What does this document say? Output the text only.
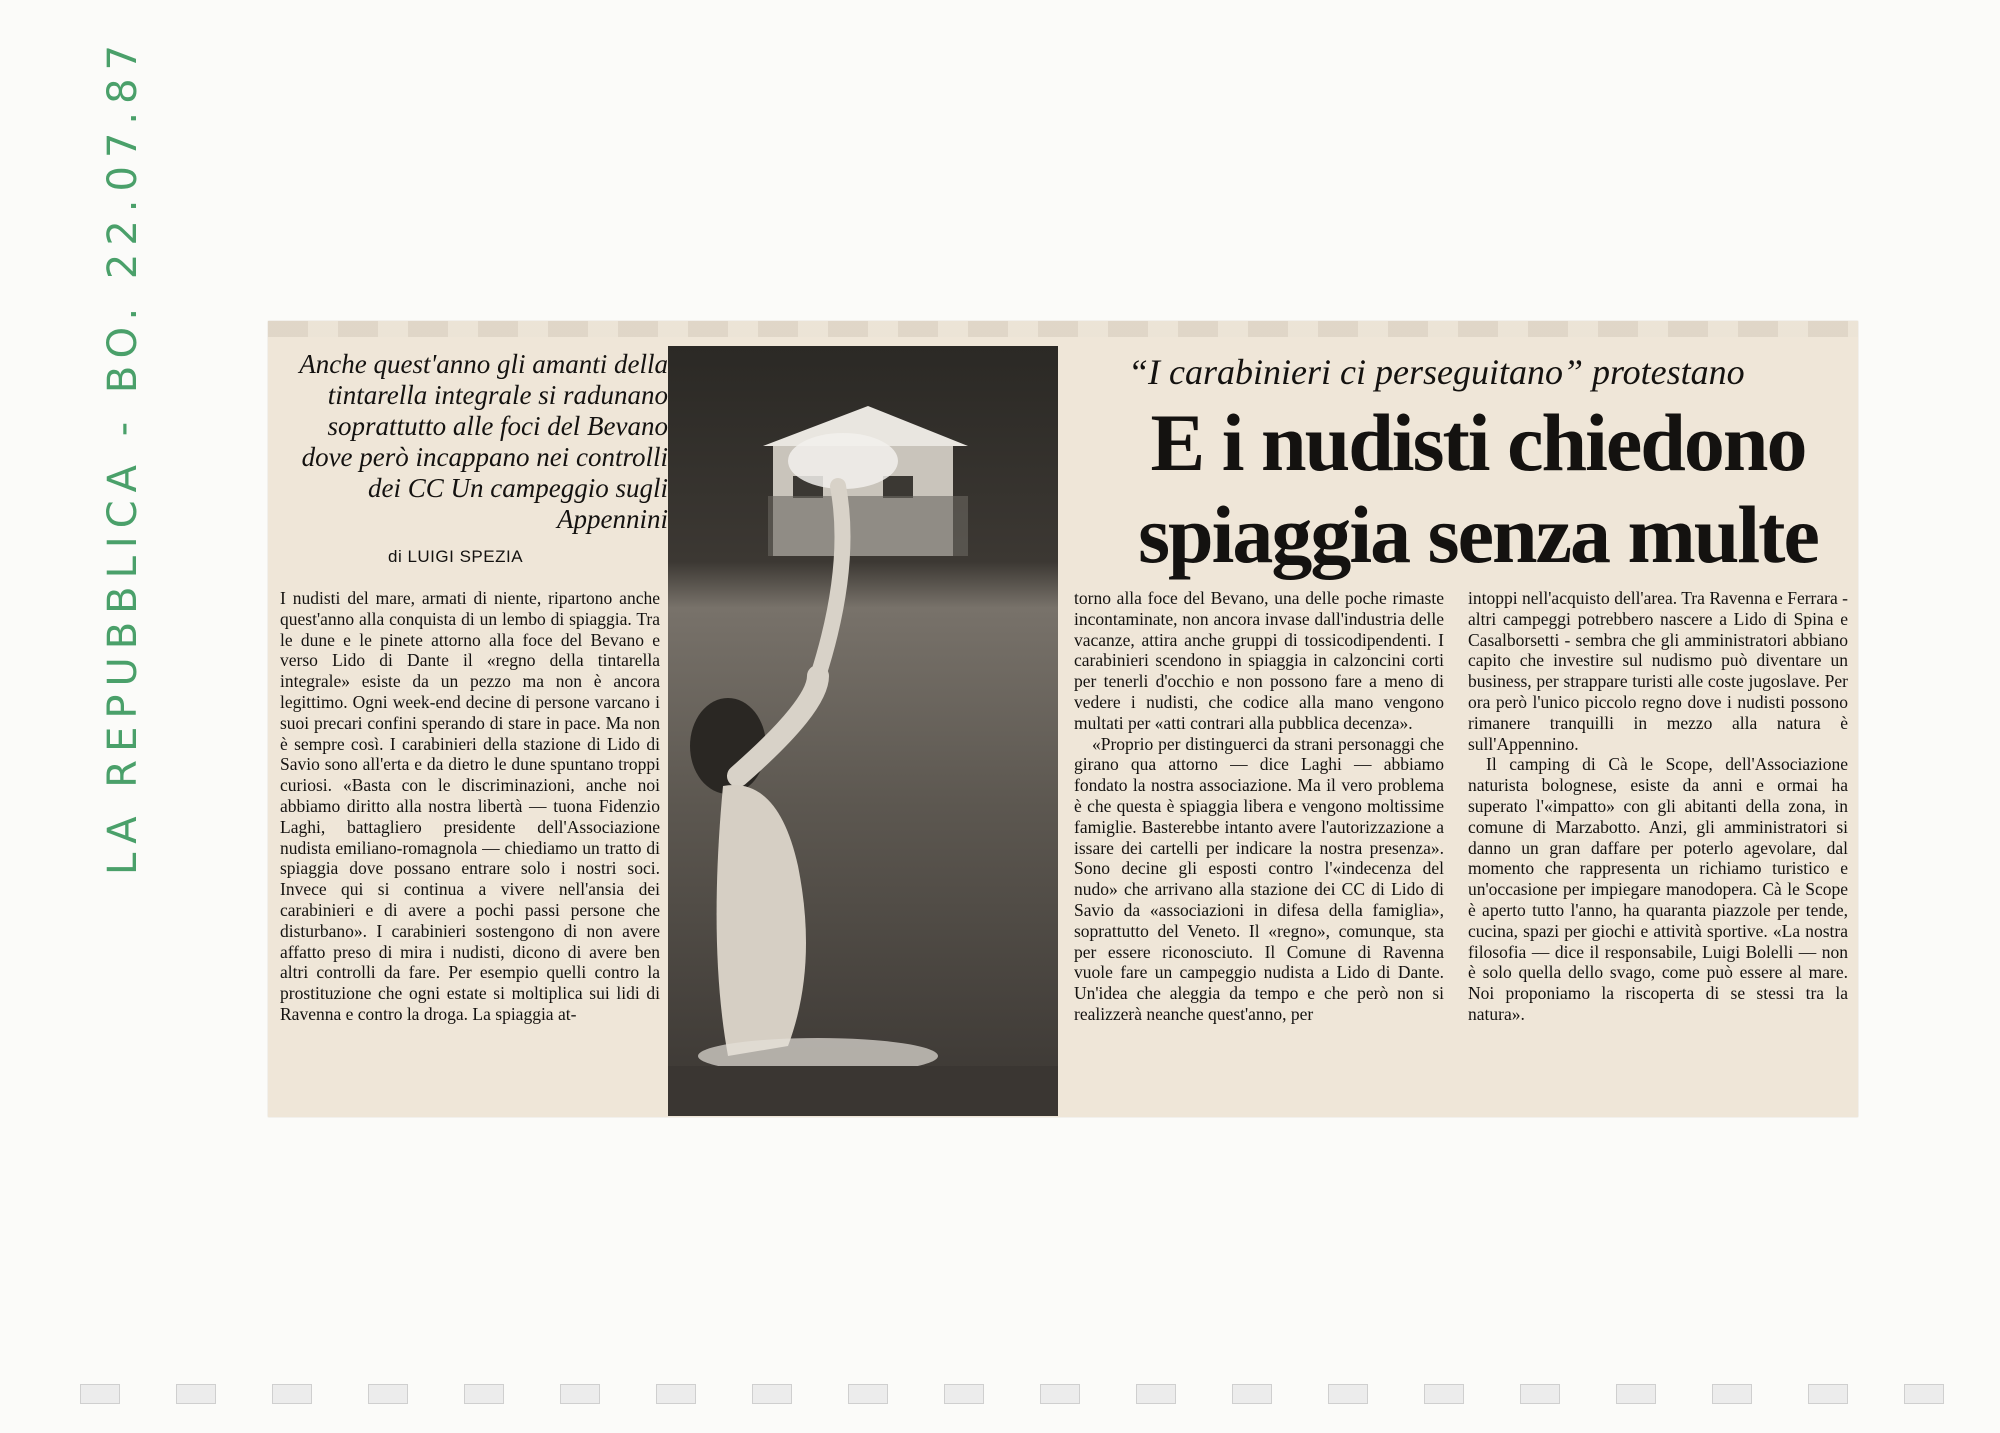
LA REPUBBLICA - BO. 22.07.87	Anche quest'anno gli amanti della tintarella integrale si radunano soprattutto alle foci del Bevano dove però incappano nei controlli dei CC Un campeggio sugli Appennini
di LUIGI SPEZIA
“I carabinieri ci perseguitano” protestano
E i nudisti chiedono spiaggia senza multe

I nudisti del mare, armati di niente, ripartono anche quest'anno alla conquista di un lembo di spiaggia. Tra le dune e le pinete attorno alla foce del Bevano e verso Lido di Dante il «regno della tintarella integrale» esiste da un pezzo ma non è ancora legittimo. Ogni week-end decine di persone varcano i suoi precari confini sperando di stare in pace. Ma non è sempre così. I carabinieri della stazione di Lido di Savio sono all'erta e da dietro le dune spuntano troppi curiosi. «Basta con le discriminazioni, anche noi abbiamo diritto alla nostra libertà — tuona Fidenzio Laghi, battagliero presidente dell'Associazione nudista emiliano-romagnola — chiediamo un tratto di spiaggia dove possano entrare solo i nostri soci. Invece qui si continua a vivere nell'ansia dei carabinieri e di avere a pochi passi persone che disturbano». I carabinieri sostengono di non avere affatto preso di mira i nudisti, dicono di avere ben altri controlli da fare. Per esempio quelli contro la prostituzione che ogni estate si moltiplica sui lidi di Ravenna e contro la droga. La spiaggia at-

torno alla foce del Bevano, una delle poche rimaste incontaminate, non ancora invase dall'industria delle vacanze, attira anche gruppi di tossicodipendenti. I carabinieri scendono in spiaggia in calzoncini corti per tenerli d'occhio e non possono fare a meno di vedere i nudisti, che codice alla mano vengono multati per «atti contrari alla pubblica decenza».

«Proprio per distinguerci da strani personaggi che girano qua attorno — dice Laghi — abbiamo fondato la nostra associazione. Ma il vero problema è che questa è spiaggia libera e vengono moltissime famiglie. Basterebbe intanto avere l'autorizzazione a issare dei cartelli per indicare la nostra presenza». Sono decine gli esposti contro l'«indecenza del nudo» che arrivano alla stazione dei CC di Lido di Savio da «associazioni in difesa della famiglia», soprattutto del Veneto. Il «regno», comunque, sta per essere riconosciuto. Il Comune di Ravenna vuole fare un campeggio nudista a Lido di Dante. Un'idea che aleggia da tempo e che però non si realizzerà neanche quest'anno, per

intoppi nell'acquisto dell'area. Tra Ravenna e Ferrara - altri campeggi potrebbero nascere a Lido di Spina e Casalborsetti - sembra che gli amministratori abbiano capito che investire sul nudismo può diventare un business, per strappare turisti alle coste jugoslave. Per ora però l'unico piccolo regno dove i nudisti possono rimanere tranquilli in mezzo alla natura è sull'Appennino.

Il camping di Cà le Scope, dell'Associazione naturista bolognese, esiste da anni e ormai ha superato l'«impatto» con gli abitanti della zona, in comune di Marzabotto. Anzi, gli amministratori si danno un gran daffare per poterlo agevolare, dal momento che rappresenta un richiamo turistico e un'occasione per impiegare manodopera. Cà le Scope è aperto tutto l'anno, ha quaranta piazzole per tende, cucina, spazi per giochi e attività sportive. «La nostra filosofia — dice il responsabile, Luigi Bolelli — non è solo quella dello svago, come può essere al mare. Noi proponiamo la riscoperta di se stessi tra la natura».
